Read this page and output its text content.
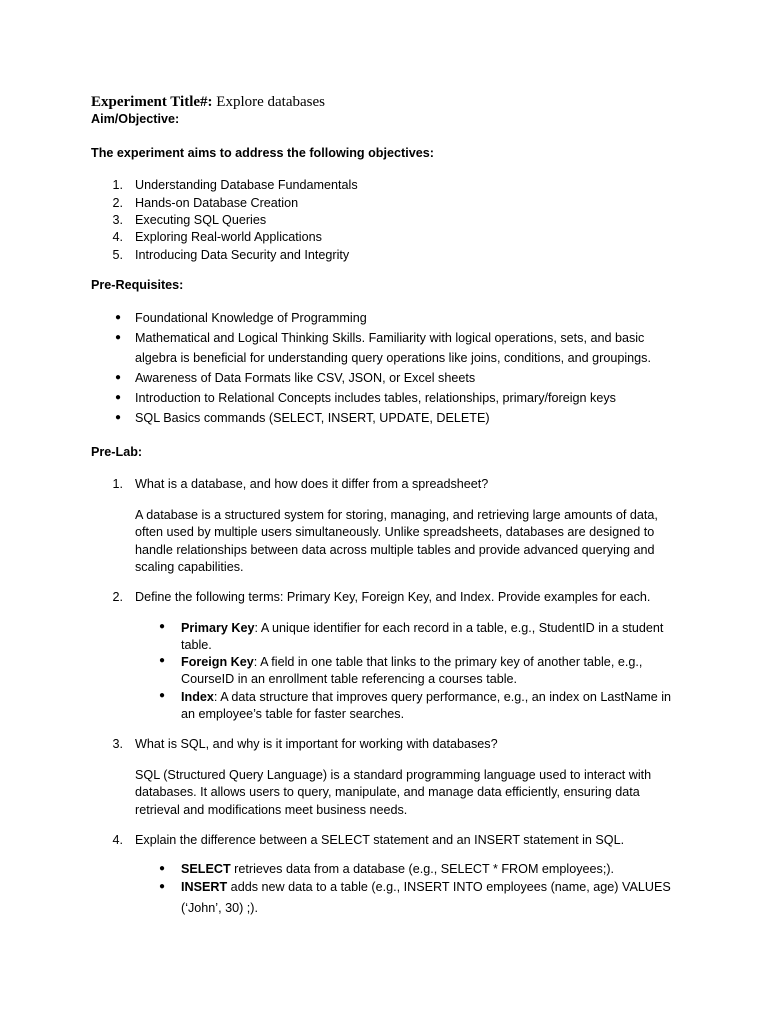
Experiment Title#: Explore databases
Aim/Objective:
The experiment aims to address the following objectives:
1. Understanding Database Fundamentals
2. Hands-on Database Creation
3. Executing SQL Queries
4. Exploring Real-world Applications
5. Introducing Data Security and Integrity
Pre-Requisites:
● Foundational Knowledge of Programming
● Mathematical and Logical Thinking Skills. Familiarity with logical operations, sets, and basic
algebra is beneficial for understanding query operations like joins, conditions, and groupings.
● Awareness of Data Formats like CSV, JSON, or Excel sheets
● Introduction to Relational Concepts includes tables, relationships, primary/foreign keys
● SQL Basics commands (SELECT, INSERT, UPDATE, DELETE)
Pre-Lab:
1. What is a database, and how does it differ from a spreadsheet?
A database is a structured system for storing, managing, and retrieving large amounts of data, often used by multiple users simultaneously. Unlike spreadsheets, databases are designed to handle relationships between data across multiple tables and provide advanced querying and scaling capabilities.
2. Define the following terms: Primary Key, Foreign Key, and Index. Provide examples for each.
● Primary Key: A unique identifier for each record in a table, e.g., StudentID in a student table.
● Foreign Key: A field in one table that links to the primary key of another table, e.g., CourseID in an enrollment table referencing a courses table.
● Index: A data structure that improves query performance, e.g., an index on LastName in an employee’s table for faster searches.
3. What is SQL, and why is it important for working with databases?
SQL (Structured Query Language) is a standard programming language used to interact with databases. It allows users to query, manipulate, and manage data efficiently, ensuring data retrieval and modifications meet business needs.
4. Explain the difference between a SELECT statement and an INSERT statement in SQL.
● SELECT retrieves data from a database (e.g., SELECT * FROM employees;).
● INSERT adds new data to a table (e.g., INSERT INTO employees (name, age) VALUES
(‘John’, 30) ;).
